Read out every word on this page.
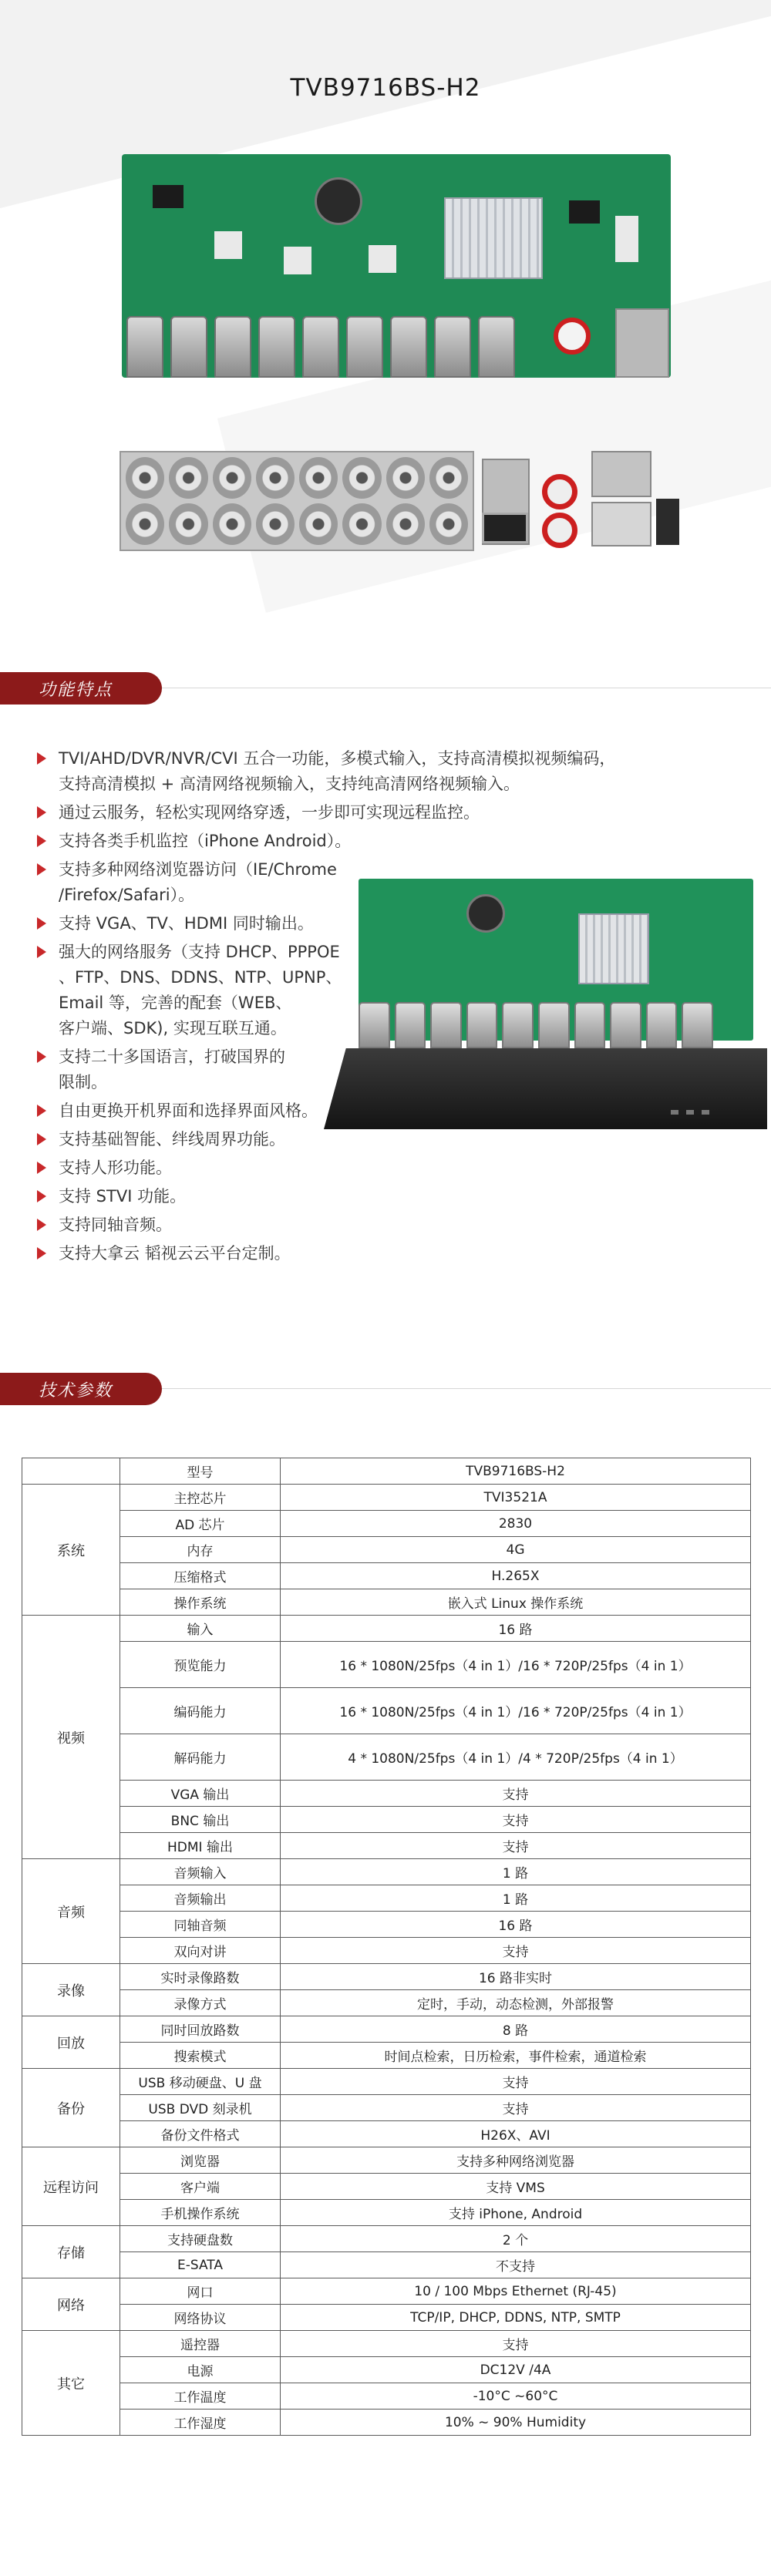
TVB9716BS-H2
功能特点
TVI/AHD/DVR/NVR/CVI 五合一功能，多模式输入，支持高清模拟视频编码，
支持高清模拟 + 高清网络视频输入，支持纯高清网络视频输入。
通过云服务，轻松实现网络穿透，一步即可实现远程监控。
支持各类手机监控（iPhone Android）。
支持多种网络浏览器访问（IE/Chrome
/Firefox/Safari）。
支持 VGA、TV、HDMI 同时输出。
强大的网络服务（支持 DHCP、PPPOE
、FTP、DNS、DDNS、NTP、UPNP、
Email 等，完善的配套（WEB、
客户端、SDK), 实现互联互通。
支持二十多国语言，打破国界的
限制。
自由更换开机界面和选择界面风格。
支持基础智能、绊线周界功能。
支持人形功能。
支持 STVI 功能。
支持同轴音频。
支持大拿云 韬视云云平台定制。
技术参数
	型号	TVB9716BS-H2
系统	主控芯片	TVI3521A
	AD 芯片	2830
	内存	4G
	压缩格式	H.265X
	操作系统	嵌入式 Linux 操作系统
视频	输入	16 路
	预览能力	16 * 1080N/25fps（4 in 1）/16 * 720P/25fps（4 in 1）
	编码能力	16 * 1080N/25fps（4 in 1）/16 * 720P/25fps（4 in 1）
	解码能力	4 * 1080N/25fps（4 in 1）/4 * 720P/25fps（4 in 1）
	VGA 输出	支持
	BNC 输出	支持
	HDMI 输出	支持
音频	音频输入	1 路
	音频输出	1 路
	同轴音频	16 路
	双向对讲	支持
录像	实时录像路数	16 路非实时
	录像方式	定时，手动，动态检测，外部报警
回放	同时回放路数	8 路
	搜索模式	时间点检索，日历检索，事件检索，通道检索
备份	USB 移动硬盘、U 盘	支持
	USB DVD 刻录机	支持
	备份文件格式	H26X、AVI
远程访问	浏览器	支持多种网络浏览器
	客户端	支持 VMS
	手机操作系统	支持 iPhone, Android
存储	支持硬盘数	2 个
	E-SATA	不支持
网络	网口	10 / 100 Mbps Ethernet (RJ-45)
	网络协议	TCP/IP, DHCP, DDNS, NTP, SMTP
其它	遥控器	支持
	电源	DC12V /4A
	工作温度	-10°C ~60°C
	工作湿度	10% ~ 90% Humidity
